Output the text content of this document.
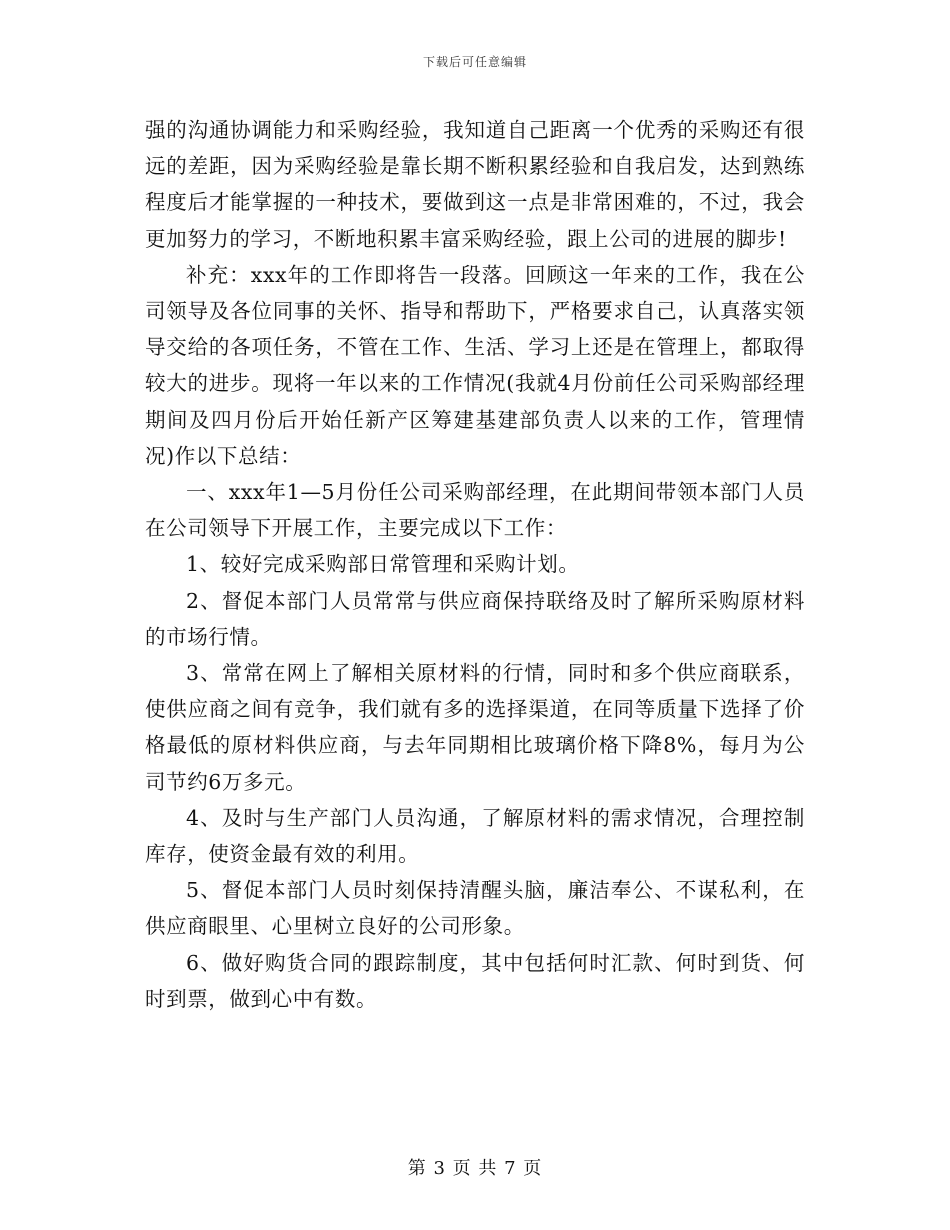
下载后可任意编辑

强的沟通协调能力和采购经验，我知道自己距离一个优秀的采购还有很远的差距，因为采购经验是靠长期不断积累经验和自我启发，达到熟练程度后才能掌握的一种技术，要做到这一点是非常困难的，不过，我会更加努力的学习，不断地积累丰富采购经验，跟上公司的进展的脚步!

补充：xxx年的工作即将告一段落。回顾这一年来的工作，我在公司领导及各位同事的关怀、指导和帮助下，严格要求自己，认真落实领导交给的各项任务，不管在工作、生活、学习上还是在管理上，都取得较大的进步。现将一年以来的工作情况(我就4月份前任公司采购部经理期间及四月份后开始任新产区筹建基建部负责人以来的工作，管理情况)作以下总结：

一、xxx年1—5月份任公司采购部经理，在此期间带领本部门人员在公司领导下开展工作，主要完成以下工作：

1、较好完成采购部日常管理和采购计划。

2、督促本部门人员常常与供应商保持联络及时了解所采购原材料的市场行情。

3、常常在网上了解相关原材料的行情，同时和多个供应商联系，使供应商之间有竞争，我们就有多的选择渠道，在同等质量下选择了价格最低的原材料供应商，与去年同期相比玻璃价格下降8%，每月为公司节约6万多元。

4、及时与生产部门人员沟通，了解原材料的需求情况，合理控制库存，使资金最有效的利用。

5、督促本部门人员时刻保持清醒头脑，廉洁奉公、不谋私利，在供应商眼里、心里树立良好的公司形象。

6、做好购货合同的跟踪制度，其中包括何时汇款、何时到货、何时到票，做到心中有数。

第 3 页 共 7 页
